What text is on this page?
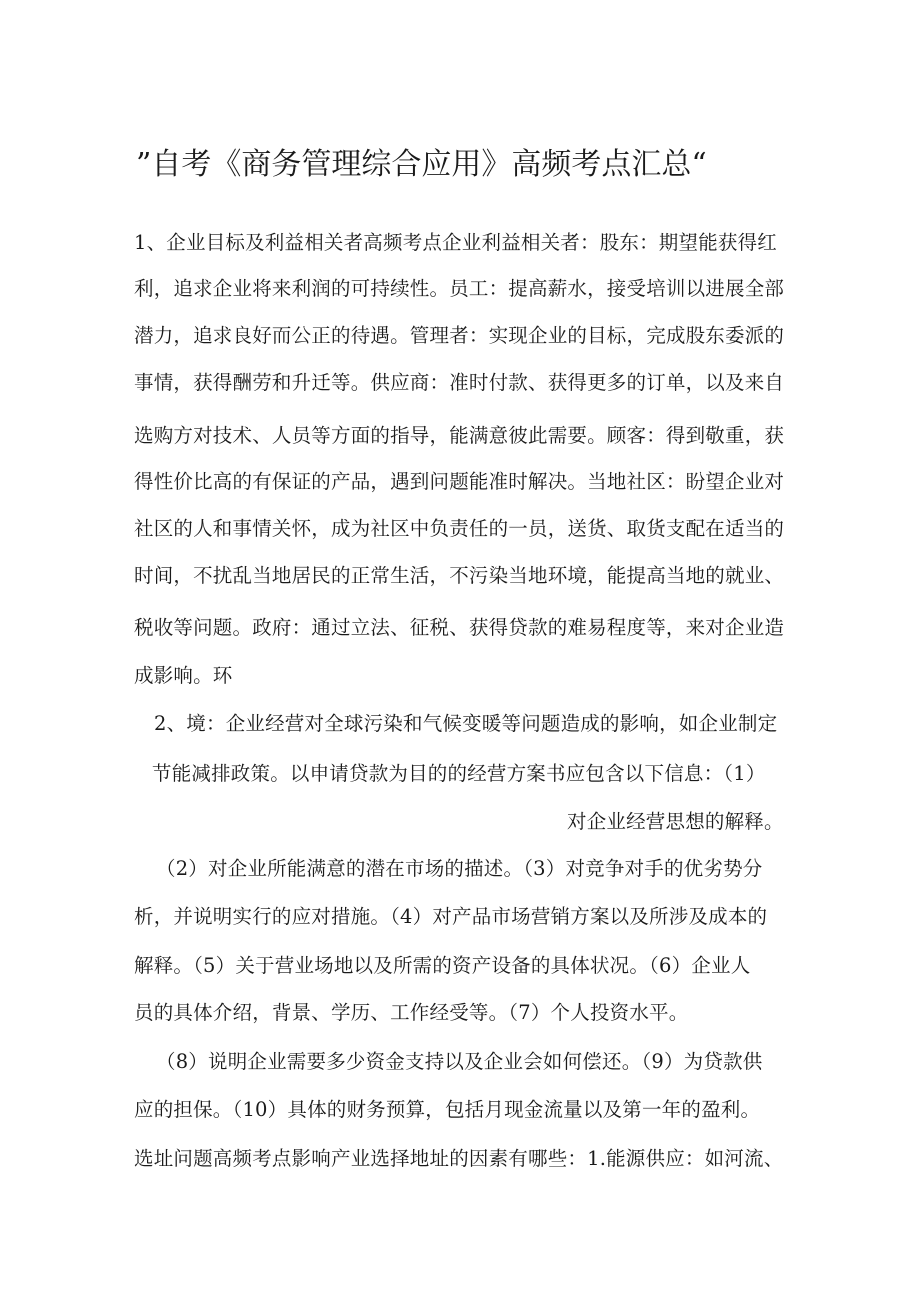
”自考《商务管理综合应用》高频考点汇总“
1、企业目标及利益相关者高频考点企业利益相关者：股东：期望能获得红
利，追求企业将来利润的可持续性。员工：提高薪水，接受培训以进展全部
潜力，追求良好而公正的待遇。管理者：实现企业的目标，完成股东委派的
事情，获得酬劳和升迁等。供应商：准时付款、获得更多的订单，以及来自
选购方对技术、人员等方面的指导，能满意彼此需要。顾客：得到敬重，获
得性价比高的有保证的产品，遇到问题能准时解决。当地社区：盼望企业对
社区的人和事情关怀，成为社区中负责任的一员，送货、取货支配在适当的
时间，不扰乱当地居民的正常生活，不污染当地环境，能提高当地的就业、
税收等问题。政府：通过立法、征税、获得贷款的难易程度等，来对企业造
成影响。环
2、境：企业经营对全球污染和气候变暖等问题造成的影响，如企业制定
节能减排政策。以申请贷款为目的的经营方案书应包含以下信息：（1）
对企业经营思想的解释。
（2）对企业所能满意的潜在市场的描述。（3）对竞争对手的优劣势分
析，并说明实行的应对措施。（4）对产品市场营销方案以及所涉及成本的
解释。（5）关于营业场地以及所需的资产设备的具体状况。（6）企业人
员的具体介绍，背景、学历、工作经受等。（7）个人投资水平。
（8）说明企业需要多少资金支持以及企业会如何偿还。（9）为贷款供
应的担保。（10）具体的财务预算，包括月现金流量以及第一年的盈利。
选址问题高频考点影响产业选择地址的因素有哪些：1.能源供应：如河流、
